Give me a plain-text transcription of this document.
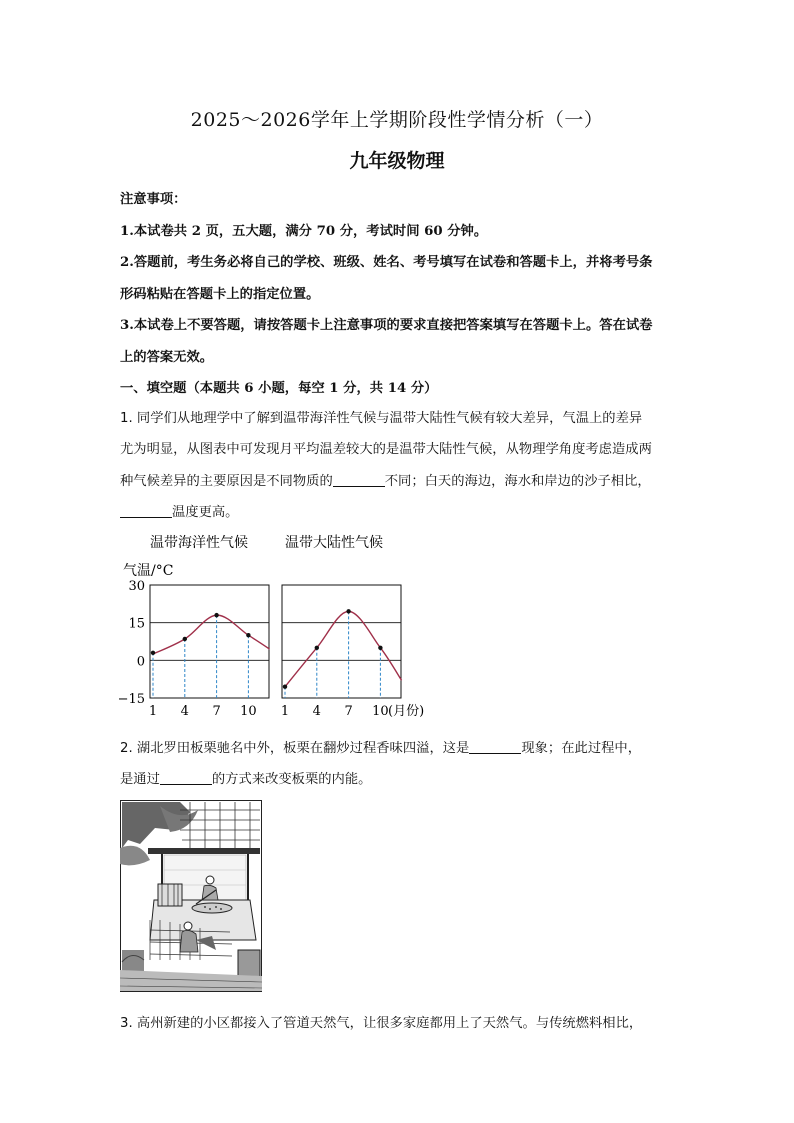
2025～2026学年上学期阶段性学情分析（一）
九年级物理
注意事项：
1.本试卷共 2 页，五大题，满分 70 分，考试时间 60 分钟。
2.答题前，考生务必将自己的学校、班级、姓名、考号填写在试卷和答题卡上，并将考号条
形码粘贴在答题卡上的指定位置。
3.本试卷上不要答题，请按答题卡上注意事项的要求直接把答案填写在答题卡上。答在试卷
上的答案无效。
一、填空题（本题共 6 小题，每空 1 分，共 14 分）
1. 同学们从地理学中了解到温带海洋性气候与温带大陆性气候有较大差异，气温上的差异
尤为明显，从图表中可发现月平均温差较大的是温带大陆性气候，从物理学角度考虑造成两
种气候差异的主要原因是不同物质的	不同；白天的海边，海水和岸边的沙子相比，
温度更高。
温带海洋性气候	温带大陆性气候
气温/°C
(月份)
30
15
0
−15
1 4 7 10 1 4 7 10
2. 湖北罗田板栗驰名中外，板栗在翻炒过程香味四溢，这是	现象；在此过程中，
是通过	的方式来改变板栗的内能。
3. 高州新建的小区都接入了管道天然气，让很多家庭都用上了天然气。与传统燃料相比，
